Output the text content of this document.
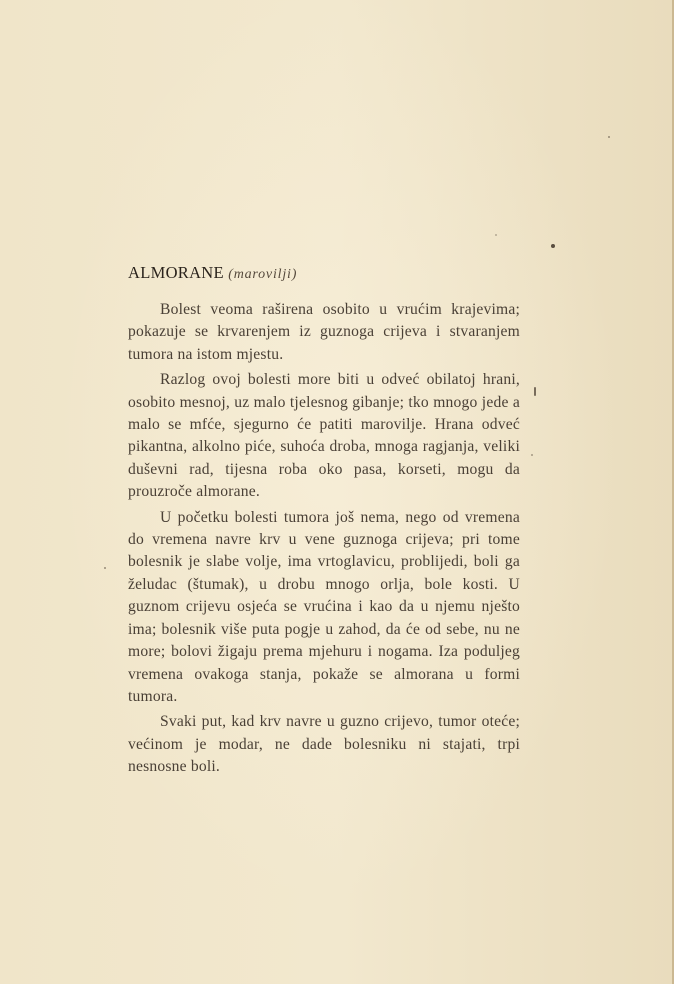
ALMORANE (marovilji)

Bolest veoma raširena osobito u vrućim krajevima; pokazuje se krvarenjem iz guznoga crijeva i stvaranjem tumora na istom mjestu.

Razlog ovoj bolesti more biti u odveć obilatoj hrani, osobito mesnoj, uz malo tjelesnog gibanje; tko mnogo jede a malo se mfće, sjegurno će patiti marovilje. Hrana odveć pikantna, alkolno piće, suhoća droba, mnoga ragjanja, veliki duševni rad, tijesna roba oko pasa, korseti, mogu da prouzroče almorane.

U početku bolesti tumora još nema, nego od vremena do vremena navre krv u vene guznoga crijeva; pri tome bolesnik je slabe volje, ima vrtoglavicu, problijedi, boli ga želudac (štumak), u drobu mnogo orlja, bole kosti. U guznom crijevu osjeća se vrućina i kao da u njemu nješto ima; bolesnik više puta pogje u zahod, da će od sebe, nu ne more; bolovi žigaju prema mjehuru i nogama. Iza poduljeg vremena ovakoga stanja, pokaže se almorana u formi tumora.

Svaki put, kad krv navre u guzno crijevo, tumor oteće; većinom je modar, ne dade bolesniku ni stajati, trpi nesnosne boli.
